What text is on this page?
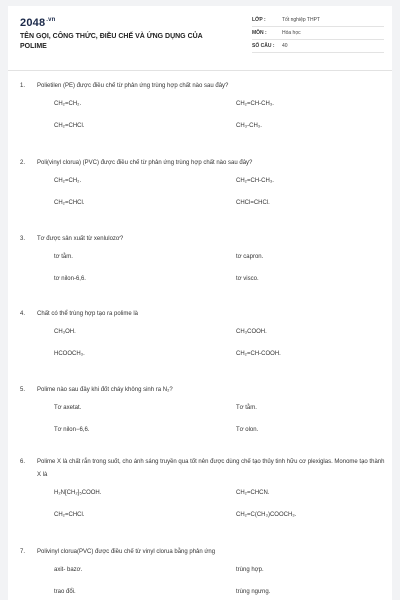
$2048^{.vn}$
TÊN GỌI, CÔNG THỨC, ĐIỀU CHẾ VÀ ỨNG DỤNG CỦA
POLIME
LỚP :	Tốt nghiệp THPT
MÔN :	Hóa học
SỐ CÂU : 40
1. Polietilen (PE) được điều chế từ phản ứng trùng hợp chất nào sau đây?
CH₂=CH₂.	CH₂=CH-CH₃.
CH₂=CHCl.	CH₃-CH₃.
2. Poli(vinyl clorua) (PVC) được điều chế từ phản ứng trùng hợp chất nào sau đây?
CH₂=CH₂.	CH₂=CH-CH₃.
CH₂=CHCl.	CHCl=CHCl.
3. Tơ được sản xuất từ xenlulozơ?
tơ tằm.	tơ capron.
tơ nilon-6,6.	tơ visco.
4. Chất có thể trùng hợp tạo ra polime là
CH₃OH.	CH₃COOH.
HCOOCH₃.	CH₂=CH-COOH.
5. Polime nào sau đây khi đốt cháy không sinh ra N₂?
Tơ axetat.	Tơ tằm.
Tơ nilon−6,6.	Tơ olon.
6. Polime X là chất rắn trong suốt, cho ánh sáng truyền qua tốt nên được dùng chế tạo thủy tinh hữu cơ plexiglas. Monome tạo thành X là
H₂N[CH₂]₅COOH.	CH₂=CHCN.
CH₂=CHCl.	CH₂=C(CH₃)COOCH₃.
7. Polivinyl clorua(PVC) được điều chế từ vinyl clorua bằng phản ứng
axit- bazơ.	trùng hợp.
trao đổi.	trùng ngưng.
